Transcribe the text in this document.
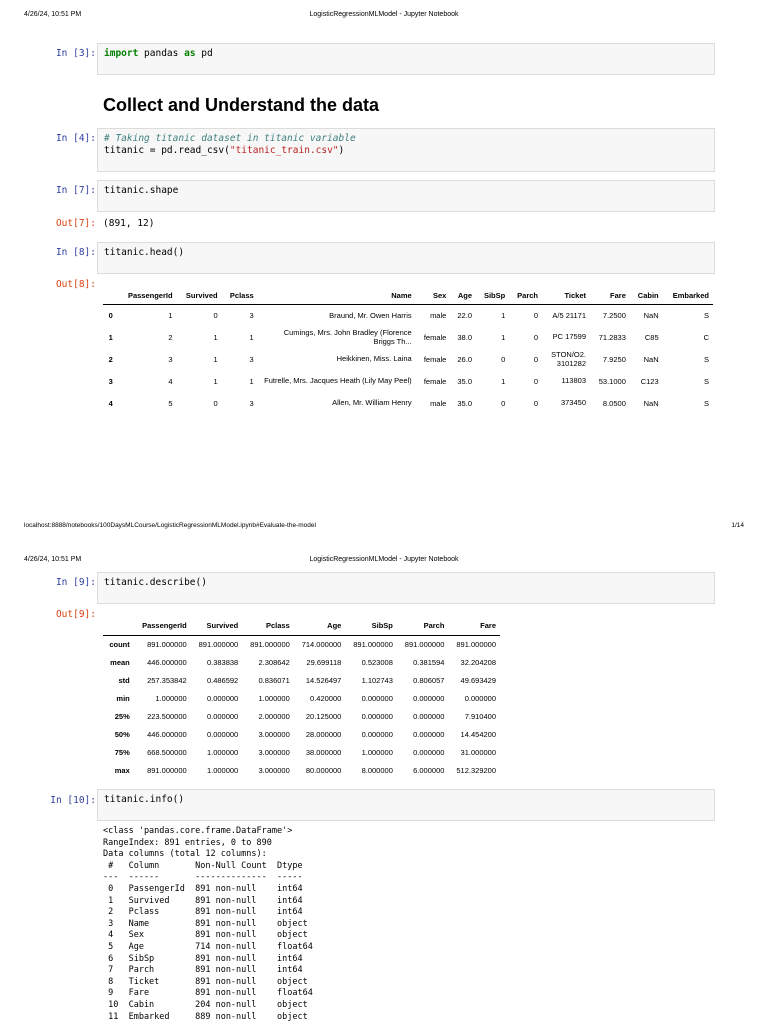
4/26/24, 10:51 PM	LogisticRegressionMLModel - Jupyter Notebook
In [3]: import pandas as pd
Collect and Understand the data
In [4]: # Taking titanic dataset in titanic variable
titanic = pd.read_csv("titanic_train.csv")
In [7]: titanic.shape
Out[7]: (891, 12)
In [8]: titanic.head()
Out[8]:
	PassengerId	Survived	Pclass	Name	Sex	Age	SibSp	Parch	Ticket	Fare	Cabin	Embarked
0	1	0	3	Braund, Mr. Owen Harris	male	22.0	1	0	A/5 21171	7.2500	NaN	S
1	2	1	1	Cumings, Mrs. John Bradley (Florence Briggs Th...	female	38.0	1	0	PC 17599	71.2833	C85	C
2	3	1	3	Heikkinen, Miss. Laina	female	26.0	0	0	STON/O2. 3101282	7.9250	NaN	S
3	4	1	1	Futrelle, Mrs. Jacques Heath (Lily May Peel)	female	35.0	1	0	113803	53.1000	C123	S
4	5	0	3	Allen, Mr. William Henry	male	35.0	0	0	373450	8.0500	NaN	S
localhost:8888/notebooks/100DaysMLCourse/LogisticRegressionMLModel.ipynb#Evaluate-the-model	1/14
4/26/24, 10:51 PM	LogisticRegressionMLModel - Jupyter Notebook
In [9]: titanic.describe()
Out[9]:
	PassengerId	Survived	Pclass	Age	SibSp	Parch	Fare
count	891.000000	891.000000	891.000000	714.000000	891.000000	891.000000	891.000000
mean	446.000000	0.383838	2.308642	29.699118	0.523008	0.381594	32.204208
std	257.353842	0.486592	0.836071	14.526497	1.102743	0.806057	49.693429
min	1.000000	0.000000	1.000000	0.420000	0.000000	0.000000	0.000000
25%	223.500000	0.000000	2.000000	20.125000	0.000000	0.000000	7.910400
50%	446.000000	0.000000	3.000000	28.000000	0.000000	0.000000	14.454200
75%	668.500000	1.000000	3.000000	38.000000	1.000000	0.000000	31.000000
max	891.000000	1.000000	3.000000	80.000000	8.000000	6.000000	512.329200
In [10]: titanic.info()
<class 'pandas.core.frame.DataFrame'>
RangeIndex: 891 entries, 0 to 890
Data columns (total 12 columns):
#   Column       Non-Null Count  Dtype
---  ------       --------------  -----
0   PassengerId  891 non-null    int64
1   Survived     891 non-null    int64
2   Pclass       891 non-null    int64
3   Name         891 non-null    object
4   Sex          891 non-null    object
5   Age          714 non-null    float64
6   SibSp        891 non-null    int64
7   Parch        891 non-null    int64
8   Ticket       891 non-null    object
9   Fare         891 non-null    float64
10  Cabin        204 non-null    object
11  Embarked     889 non-null    object
